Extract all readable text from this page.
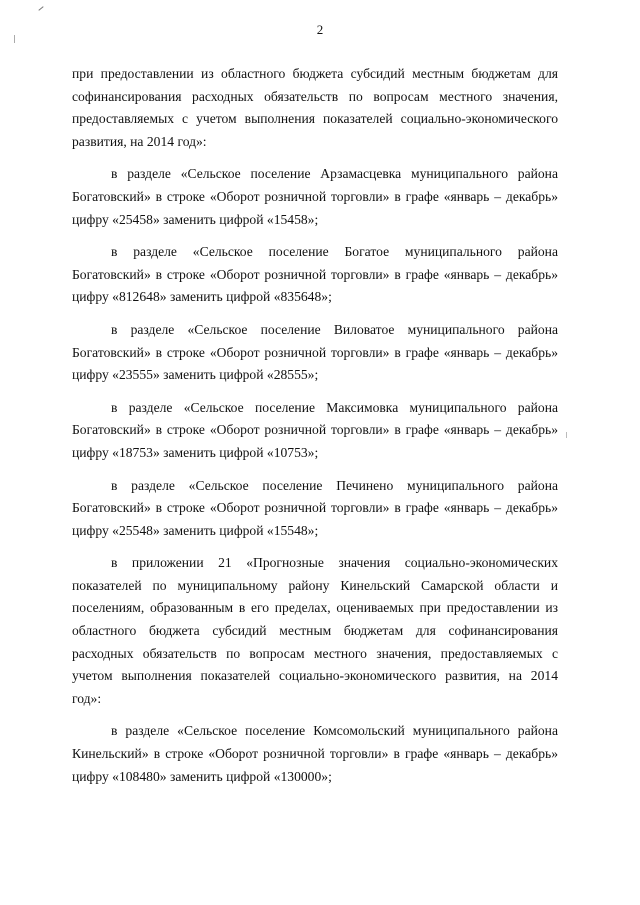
2

при предоставлении из областного бюджета субсидий местным бюджетам для софинансирования расходных обязательств по вопросам местного значения, предоставляемых с учетом выполнения показателей социально-экономического развития, на 2014 год»:

в разделе «Сельское поселение Арзамасцевка муниципального района Богатовский» в строке «Оборот розничной торговли» в графе «январь – декабрь» цифру «25458» заменить цифрой «15458»;

в разделе «Сельское поселение Богатое муниципального района Богатовский» в строке «Оборот розничной торговли» в графе «январь – декабрь» цифру «812648» заменить цифрой «835648»;

в разделе «Сельское поселение Виловатое муниципального района Богатовский» в строке «Оборот розничной торговли» в графе «январь – декабрь» цифру «23555» заменить цифрой «28555»;

в разделе «Сельское поселение Максимовка муниципального района Богатовский» в строке «Оборот розничной торговли» в графе «январь – декабрь» цифру «18753» заменить цифрой «10753»;

в разделе «Сельское поселение Печинено муниципального района Богатовский» в строке «Оборот розничной торговли» в графе «январь – декабрь» цифру «25548» заменить цифрой «15548»;

в приложении 21 «Прогнозные значения социально-экономических показателей по муниципальному району Кинельский Самарской области и поселениям, образованным в его пределах, оцениваемых при предоставлении из областного бюджета субсидий местным бюджетам для софинансирования расходных обязательств по вопросам местного значения, предоставляемых с учетом выполнения показателей социально-экономического развития, на 2014 год»:

в разделе «Сельское поселение Комсомольский муниципального района Кинельский» в строке «Оборот розничной торговли» в графе «январь – декабрь» цифру «108480» заменить цифрой «130000»;
